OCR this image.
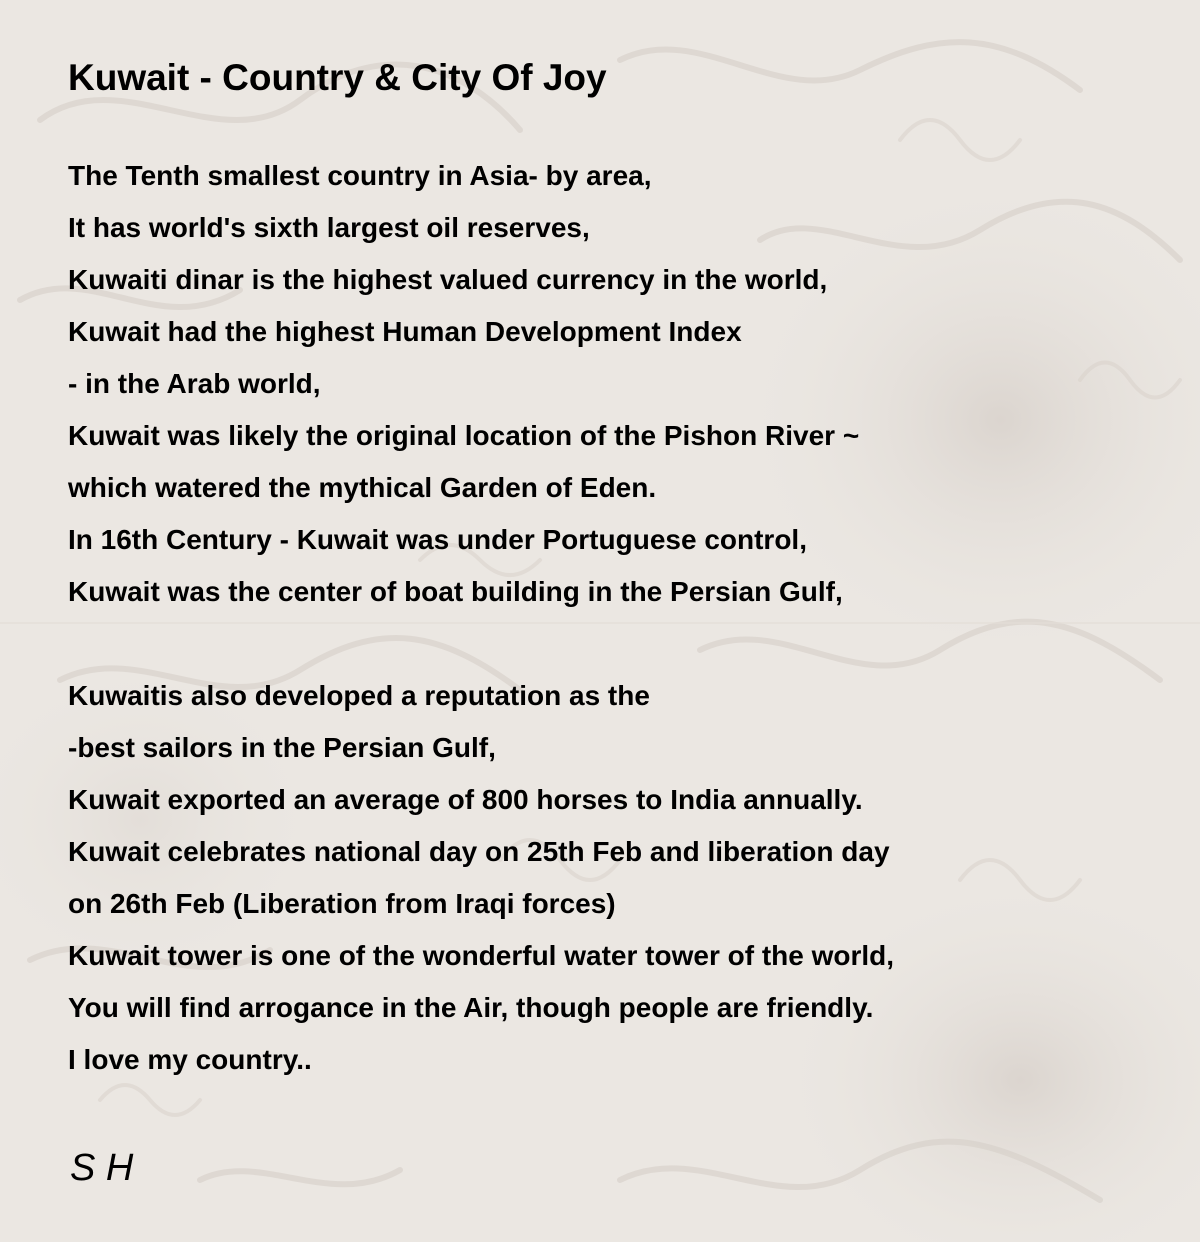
Kuwait - Country & City Of Joy
The Tenth smallest country in Asia- by area,
It has world's sixth largest oil reserves,
Kuwaiti dinar is the highest valued currency in the world,
Kuwait had the highest Human Development Index
- in the Arab world,
Kuwait was likely the original location of the Pishon River ~
which watered the mythical Garden of Eden.
In 16th Century - Kuwait was under Portuguese control,
Kuwait was the center of boat building in the Persian Gulf,
Kuwaitis also developed a reputation as the
-best sailors in the Persian Gulf,
Kuwait exported an average of 800 horses to India annually.
Kuwait celebrates national day on 25th Feb and liberation day
on 26th Feb (Liberation from Iraqi forces)
Kuwait tower is one of the wonderful water tower of the world,
You will find arrogance in the Air, though people are friendly.
I love my country..

S H
